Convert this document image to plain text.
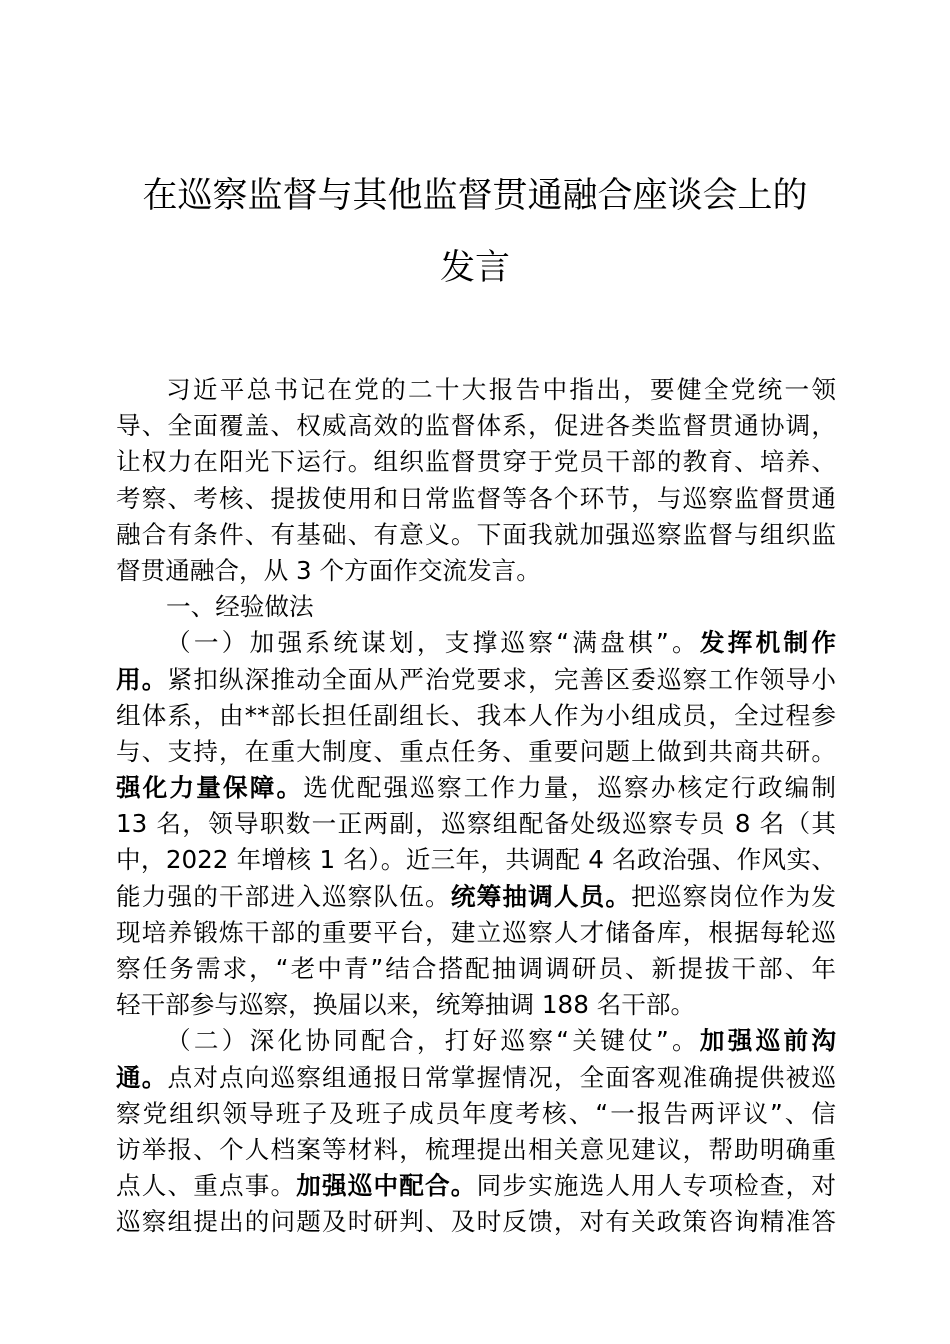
在巡察监督与其他监督贯通融合座谈会上的
发言
习近平总书记在党的二十大报告中指出，要健全党统一领
导、全面覆盖、权威高效的监督体系，促进各类监督贯通协调，
让权力在阳光下运行。组织监督贯穿于党员干部的教育、培养、
考察、考核、提拔使用和日常监督等各个环节，与巡察监督贯通
融合有条件、有基础、有意义。下面我就加强巡察监督与组织监
督贯通融合，从 3 个方面作交流发言。
一、经验做法
（一）加强系统谋划，支撑巡察“满盘棋”。发挥机制作
用。紧扣纵深推动全面从严治党要求，完善区委巡察工作领导小
组体系，由**部长担任副组长、我本人作为小组成员，全过程参
与、支持，在重大制度、重点任务、重要问题上做到共商共研。
强化力量保障。选优配强巡察工作力量，巡察办核定行政编制
13 名，领导职数一正两副，巡察组配备处级巡察专员 8 名（其
中，2022 年增核 1 名）。近三年，共调配 4 名政治强、作风实、
能力强的干部进入巡察队伍。统筹抽调人员。把巡察岗位作为发
现培养锻炼干部的重要平台，建立巡察人才储备库，根据每轮巡
察任务需求，“老中青”结合搭配抽调调研员、新提拔干部、年
轻干部参与巡察，换届以来，统筹抽调 188 名干部。
（二）深化协同配合，打好巡察“关键仗”。加强巡前沟
通。点对点向巡察组通报日常掌握情况，全面客观准确提供被巡
察党组织领导班子及班子成员年度考核、“一报告两评议”、信
访举报、个人档案等材料，梳理提出相关意见建议，帮助明确重
点人、重点事。加强巡中配合。同步实施选人用人专项检查，对
巡察组提出的问题及时研判、及时反馈，对有关政策咨询精准答
